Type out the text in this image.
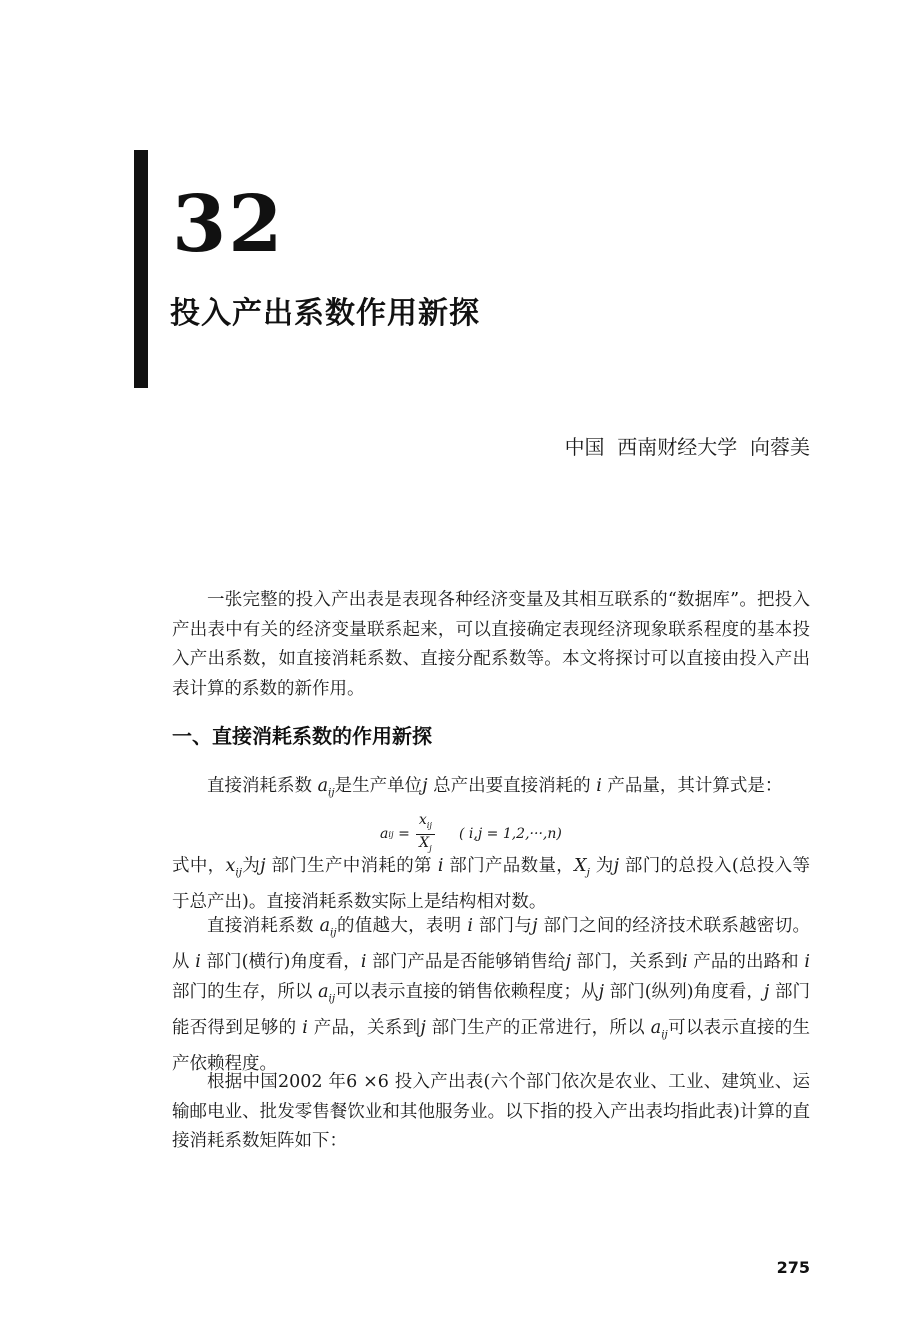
32
投入产出系数作用新探
中国  西南财经大学  向蓉美

一张完整的投入产出表是表现各种经济变量及其相互联系的“数据库”。把投入产出表中有关的经济变量联系起来，可以直接确定表现经济现象联系程度的基本投入产出系数，如直接消耗系数、直接分配系数等。本文将探讨可以直接由投入产出表计算的系数的新作用。

一、直接消耗系数的作用新探

直接消耗系数 $a_{ij}$是生产单位j 总产出要直接消耗的 i 产品量，其计算式是：

a ij = $\frac{x_{ij}}{X_j}$ ( i,j = 1,2,···,n)

式中，$x_{ij}$为j 部门生产中消耗的第 i 部门产品数量，$X_j$ 为j 部门的总投入(总投入等于总产出)。直接消耗系数实际上是结构相对数。

直接消耗系数 $a_{ij}$的值越大，表明 i 部门与j 部门之间的经济技术联系越密切。从 i 部门(横行)角度看，i 部门产品是否能够销售给j 部门，关系到i 产品的出路和 i 部门的生存，所以 $a_{ij}$可以表示直接的销售依赖程度；从j 部门(纵列)角度看，j 部门能否得到足够的 i 产品，关系到j 部门生产的正常进行，所以 $a_{ij}$可以表示直接的生产依赖程度。

根据中国2002 年6 ×6 投入产出表(六个部门依次是农业、工业、建筑业、运输邮电业、批发零售餐饮业和其他服务业。以下指的投入产出表均指此表)计算的直接消耗系数矩阵如下：

275
